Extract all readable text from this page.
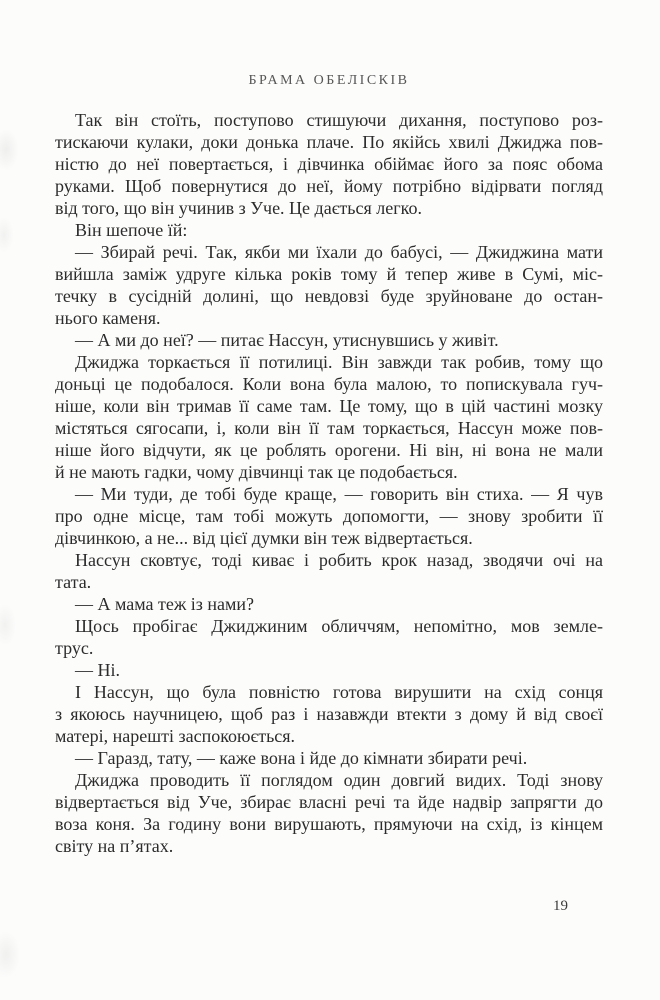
БРАМА ОБЕЛІСКІВ
Так він стоїть, поступово стишуючи дихання, поступово роз-
тискаючи кулаки, доки донька плаче. По якійсь хвилі Джиджа пов-
ністю до неї повертається, і дівчинка обіймає його за пояс обома
руками. Щоб повернутися до неї, йому потрібно відірвати погляд
від того, що він учинив з Уче. Це дається легко.
Він шепоче їй:
— Збирай речі. Так, якби ми їхали до бабусі, — Джиджина мати
вийшла заміж удруге кілька років тому й тепер живе в Сумі, міс-
течку в сусідній долині, що невдовзі буде зруйноване до остан-
нього каменя.
— А ми до неї? — питає Нассун, утиснувшись у живіт.
Джиджа торкається її потилиці. Він завжди так робив, тому що
доньці це подобалося. Коли вона була малою, то попискувала гуч-
ніше, коли він тримав її саме там. Це тому, що в цій частині мозку
містяться сягосапи, і, коли він її там торкається, Нассун може пов-
ніше його відчути, як це роблять орогени. Ні він, ні вона не мали
й не мають гадки, чому дівчинці так це подобається.
— Ми туди, де тобі буде краще, — говорить він стиха. — Я чув
про одне місце, там тобі можуть допомогти, — знову зробити її
дівчинкою, а не... від цієї думки він теж відвертається.
Нассун сковтує, тоді киває і робить крок назад, зводячи очі на
тата.
— А мама теж із нами?
Щось пробігає Джиджиним обличчям, непомітно, мов земле-
трус.
— Ні.
І Нассун, що була повністю готова вирушити на схід сонця
з якоюсь научницею, щоб раз і назавжди втекти з дому й від своєї
матері, нарешті заспокоюється.
— Гаразд, тату, — каже вона і йде до кімнати збирати речі.
Джиджа проводить її поглядом один довгий видих. Тоді знову
відвертається від Уче, збирає власні речі та йде надвір запрягти до
воза коня. За годину вони вирушають, прямуючи на схід, із кінцем
світу на п’ятах.
19
